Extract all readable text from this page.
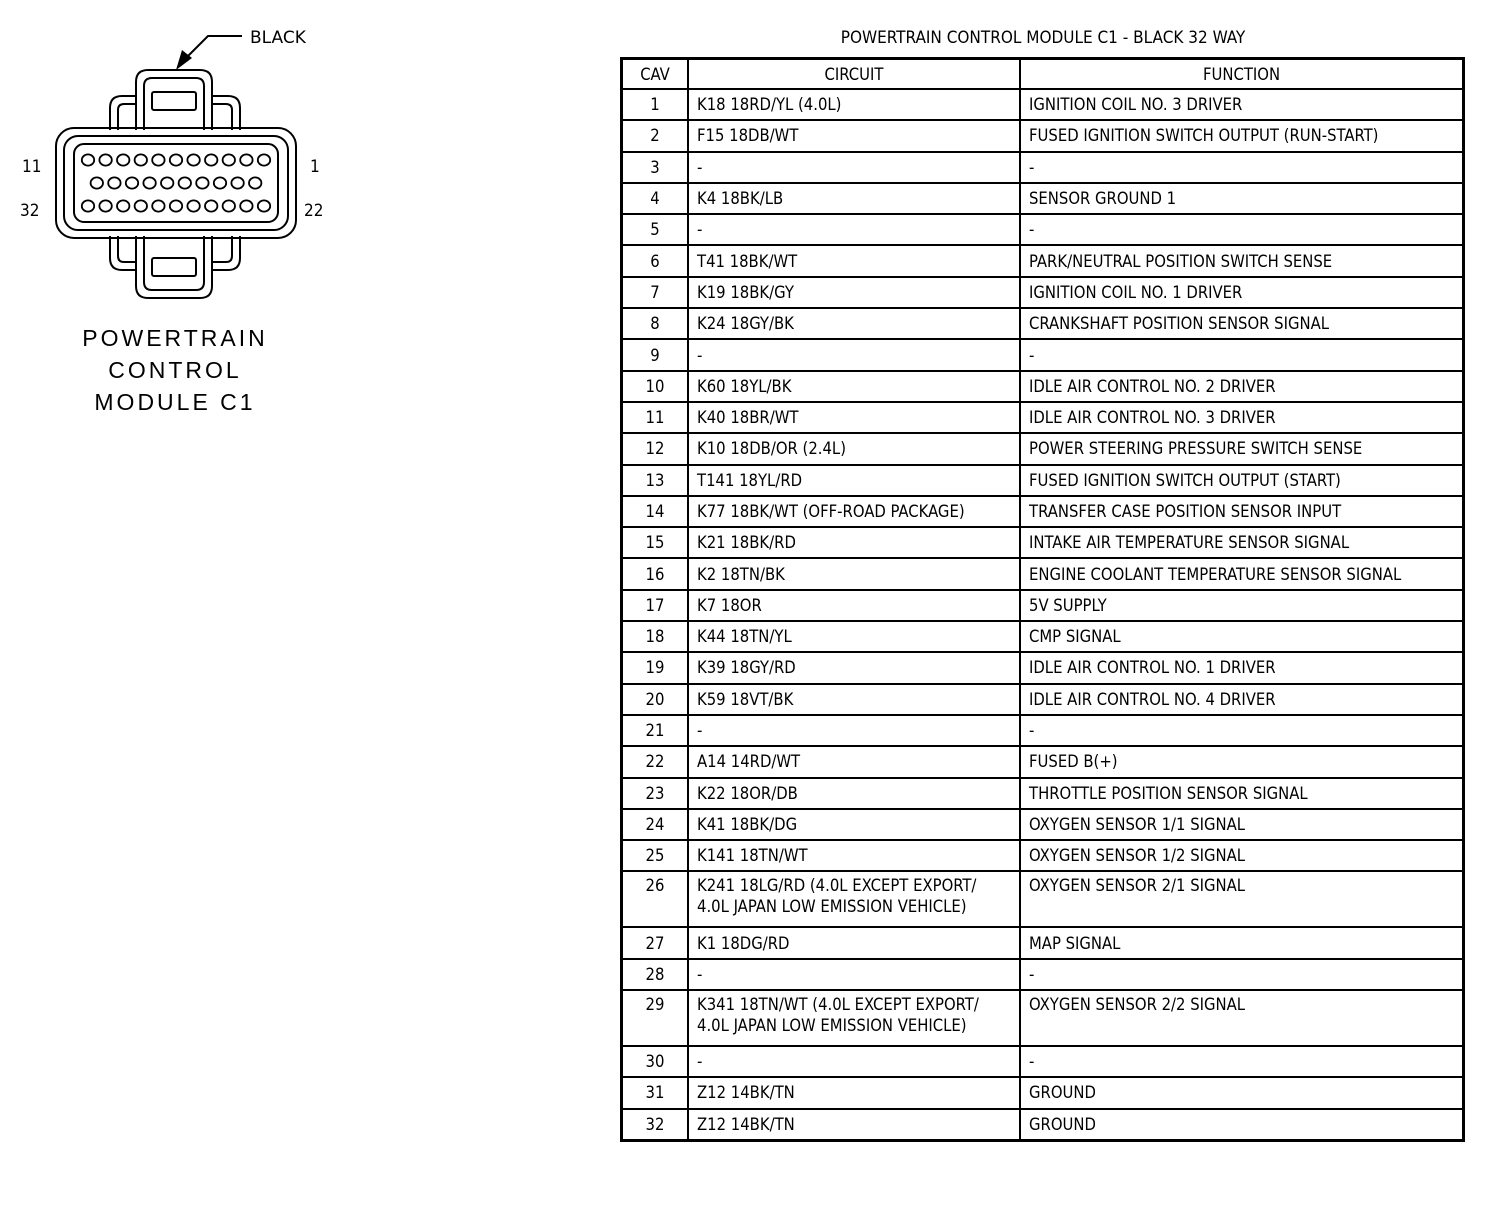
BLACK
11	1
32	22
POWERTRAIN
CONTROL
MODULE C1
POWERTRAIN CONTROL MODULE C1 - BLACK 32 WAY
CAV	CIRCUIT	FUNCTION
1	K18 18RD/YL (4.0L)	IGNITION COIL NO. 3 DRIVER
2	F15 18DB/WT	FUSED IGNITION SWITCH OUTPUT (RUN-START)
3	-	-
4	K4 18BK/LB	SENSOR GROUND 1
5	-	-
6	T41 18BK/WT	PARK/NEUTRAL POSITION SWITCH SENSE
7	K19 18BK/GY	IGNITION COIL NO. 1 DRIVER
8	K24 18GY/BK	CRANKSHAFT POSITION SENSOR SIGNAL
9	-	-
10	K60 18YL/BK	IDLE AIR CONTROL NO. 2 DRIVER
11	K40 18BR/WT	IDLE AIR CONTROL NO. 3 DRIVER
12	K10 18DB/OR (2.4L)	POWER STEERING PRESSURE SWITCH SENSE
13	T141 18YL/RD	FUSED IGNITION SWITCH OUTPUT (START)
14	K77 18BK/WT (OFF-ROAD PACKAGE)	TRANSFER CASE POSITION SENSOR INPUT
15	K21 18BK/RD	INTAKE AIR TEMPERATURE SENSOR SIGNAL
16	K2 18TN/BK	ENGINE COOLANT TEMPERATURE SENSOR SIGNAL
17	K7 18OR	5V SUPPLY
18	K44 18TN/YL	CMP SIGNAL
19	K39 18GY/RD	IDLE AIR CONTROL NO. 1 DRIVER
20	K59 18VT/BK	IDLE AIR CONTROL NO. 4 DRIVER
21	-	-
22	A14 14RD/WT	FUSED B(+)
23	K22 18OR/DB	THROTTLE POSITION SENSOR SIGNAL
24	K41 18BK/DG	OXYGEN SENSOR 1/1 SIGNAL
25	K141 18TN/WT	OXYGEN SENSOR 1/2 SIGNAL
26	K241 18LG/RD (4.0L EXCEPT EXPORT/
4.0L JAPAN LOW EMISSION VEHICLE)	OXYGEN SENSOR 2/1 SIGNAL
27	K1 18DG/RD	MAP SIGNAL
28	-	-
29	K341 18TN/WT (4.0L EXCEPT EXPORT/
4.0L JAPAN LOW EMISSION VEHICLE)	OXYGEN SENSOR 2/2 SIGNAL
30	-	-
31	Z12 14BK/TN	GROUND
32	Z12 14BK/TN	GROUND
